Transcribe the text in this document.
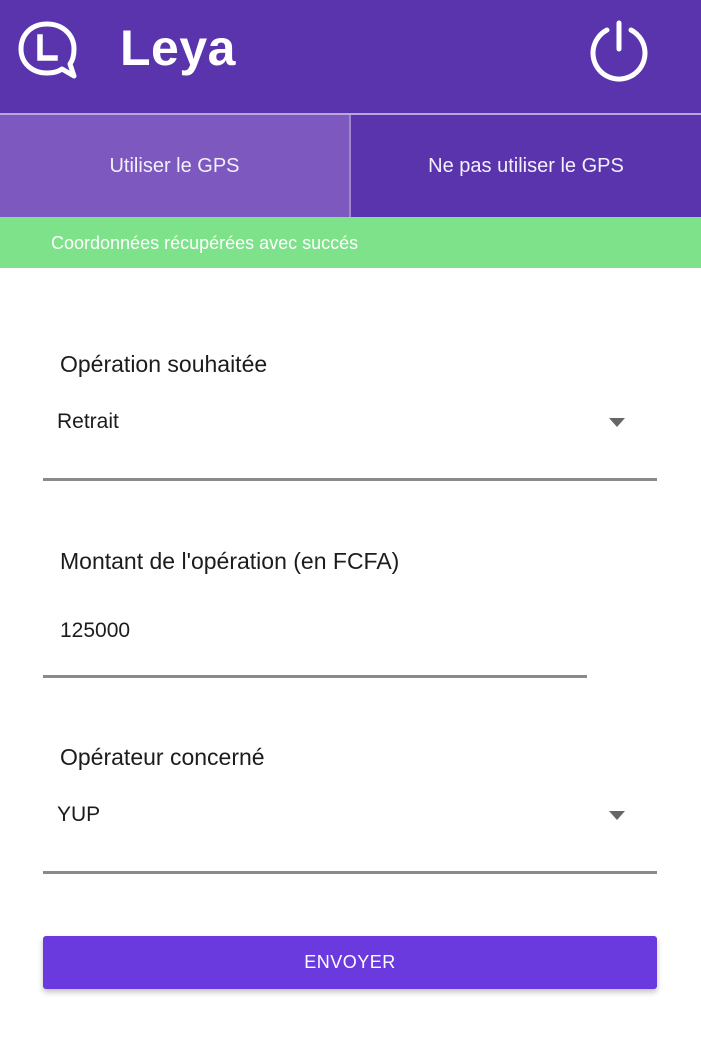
Leya
Utiliser le GPS	Ne pas utiliser le GPS
Coordonnées récupérées avec succés
Opération souhaitée
Retrait
Montant de l'opération (en FCFA)
125000
Opérateur concerné
YUP
ENVOYER
